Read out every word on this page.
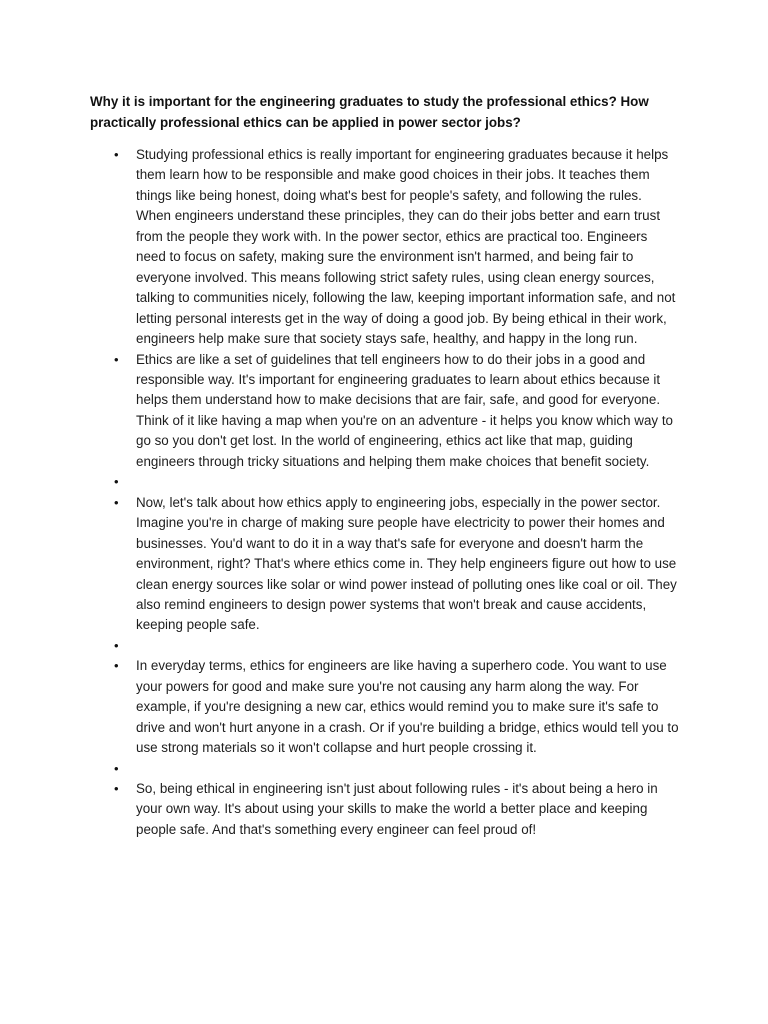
Why it is important for the engineering graduates to study the professional ethics? How practically professional ethics can be applied in power sector jobs?

•	Studying professional ethics is really important for engineering graduates because it helps them learn how to be responsible and make good choices in their jobs. It teaches them things like being honest, doing what's best for people's safety, and following the rules. When engineers understand these principles, they can do their jobs better and earn trust from the people they work with. In the power sector, ethics are practical too. Engineers need to focus on safety, making sure the environment isn't harmed, and being fair to everyone involved. This means following strict safety rules, using clean energy sources, talking to communities nicely, following the law, keeping important information safe, and not letting personal interests get in the way of doing a good job. By being ethical in their work, engineers help make sure that society stays safe, healthy, and happy in the long run.
•	Ethics are like a set of guidelines that tell engineers how to do their jobs in a good and responsible way. It's important for engineering graduates to learn about ethics because it helps them understand how to make decisions that are fair, safe, and good for everyone. Think of it like having a map when you're on an adventure - it helps you know which way to go so you don't get lost. In the world of engineering, ethics act like that map, guiding engineers through tricky situations and helping them make choices that benefit society.
•
•	Now, let's talk about how ethics apply to engineering jobs, especially in the power sector. Imagine you're in charge of making sure people have electricity to power their homes and businesses. You'd want to do it in a way that's safe for everyone and doesn't harm the environment, right? That's where ethics come in. They help engineers figure out how to use clean energy sources like solar or wind power instead of polluting ones like coal or oil. They also remind engineers to design power systems that won't break and cause accidents, keeping people safe.
•
•	In everyday terms, ethics for engineers are like having a superhero code. You want to use your powers for good and make sure you're not causing any harm along the way. For example, if you're designing a new car, ethics would remind you to make sure it's safe to drive and won't hurt anyone in a crash. Or if you're building a bridge, ethics would tell you to use strong materials so it won't collapse and hurt people crossing it.
•
•	So, being ethical in engineering isn't just about following rules - it's about being a hero in your own way. It's about using your skills to make the world a better place and keeping people safe. And that's something every engineer can feel proud of!
